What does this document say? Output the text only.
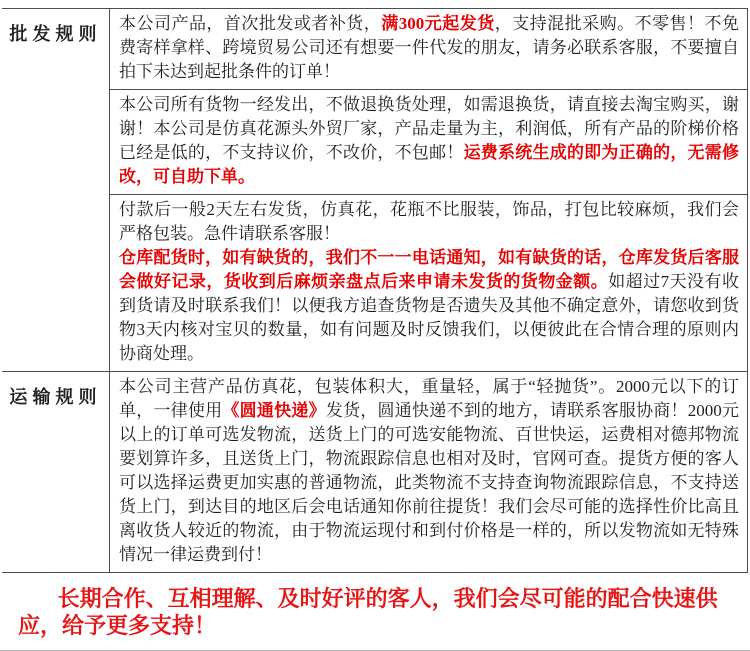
批发规则

本公司产品，首次批发或者补货，满300元起发货，支持混批采购。不零售！不免费寄样拿样、跨境贸易公司还有想要一件代发的朋友，请务必联系客服，不要擅自拍下未达到起批条件的订单！

本公司所有货物一经发出，不做退换货处理，如需退换货，请直接去淘宝购买，谢谢！本公司是仿真花源头外贸厂家，产品走量为主，利润低，所有产品的阶梯价格已经是低的，不支持议价，不改价，不包邮！运费系统生成的即为正确的，无需修改，可自助下单。

付款后一般2天左右发货，仿真花，花瓶不比服装，饰品，打包比较麻烦，我们会严格包装。急件请联系客服！

仓库配货时，如有缺货的，我们不一一电话通知，如有缺货的话，仓库发货后客服会做好记录，货收到后麻烦亲盘点后来申请未发货的货物金额。如超过7天没有收到货请及时联系我们！以便我方追查货物是否遗失及其他不确定意外，请您收到货物3天内核对宝贝的数量，如有问题及时反馈我们，以便彼此在合情合理的原则内协商处理。

运输规则

本公司主营产品仿真花，包装体积大，重量轻，属于“轻抛货”。2000元以下的订单，一律使用《圆通快递》发货，圆通快递不到的地方，请联系客服协商！2000元以上的订单可选发物流，送货上门的可选安能物流、百世快运，运费相对德邦物流要划算许多，且送货上门，物流跟踪信息也相对及时，官网可查。提货方便的客人可以选择运费更加实惠的普通物流，此类物流不支持查询物流跟踪信息，不支持送货上门，到达目的地区后会电话通知你前往提货！我们会尽可能的选择性价比高且离收货人较近的物流，由于物流运现付和到付价格是一样的，所以发物流如无特殊情况一律运费到付！

长期合作、互相理解、及时好评的客人，我们会尽可能的配合快速供应，给予更多支持！
